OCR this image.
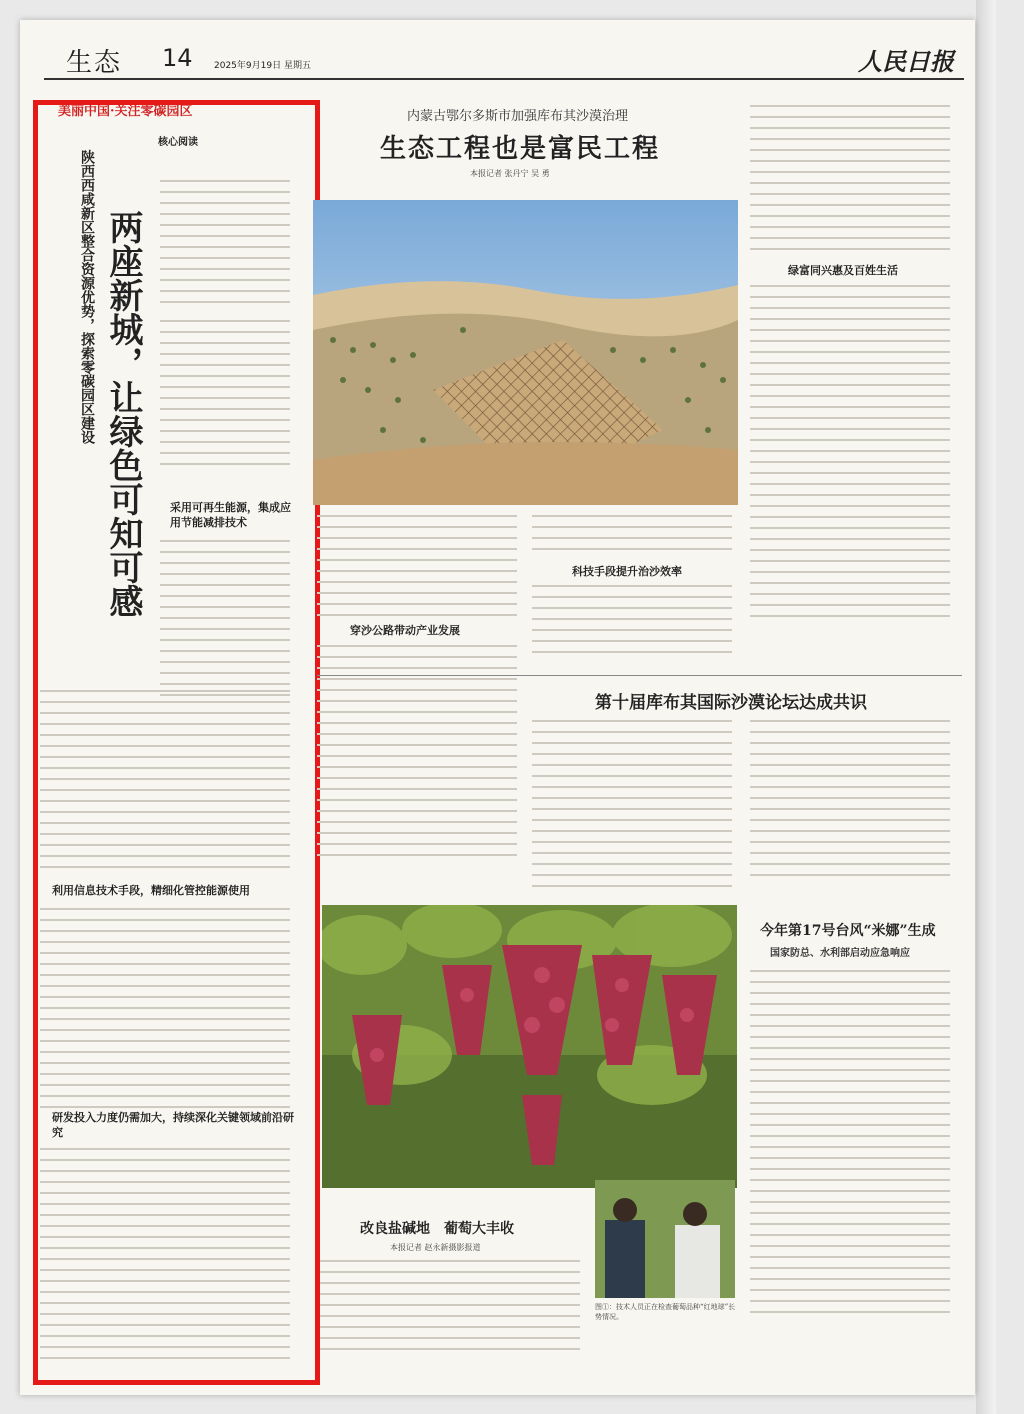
生态 14 2025年9月19日 星期五	人民日报
美丽中国·关注零碳园区
陕西西咸新区整合资源优势，探索零碳园区建设 两座新城，让绿色可知可感
核心阅读
采用可再生能源，集成应用节能减排技术
利用信息技术手段，精细化管控能源使用
研发投入力度仍需加大，持续深化关键领域前沿研究
内蒙古鄂尔多斯市加强库布其沙漠治理
生态工程也是富民工程
本报记者 张丹宁 吴 勇
穿沙公路带动产业发展
科技手段提升治沙效率
绿富同兴惠及百姓生活
第十届库布其国际沙漠论坛达成共识
改良盐碱地　葡萄大丰收
本报记者 赵永新摄影报道
图①：技术人员正在检查葡萄品种“红地球”长势情况。
今年第17号台风“米娜”生成
国家防总、水利部启动应急响应
